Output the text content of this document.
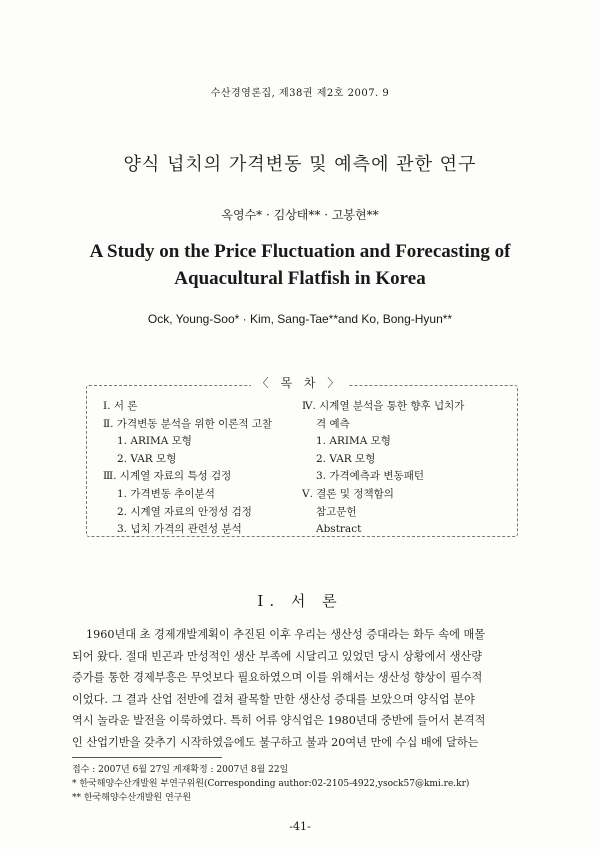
수산경영론집, 제38권 제2호 2007. 9
양식 넙치의 가격변동 및 예측에 관한 연구
옥영수* · 김상태** · 고봉현**
A Study on the Price Fluctuation and Forecasting of
Aquacultural Flatfish in Korea
Ock, Young-Soo* · Kim, Sang-Tae**and Ko, Bong-Hyun**
〈 목 차 〉
Ⅰ. 서 론
Ⅱ. 가격변동 분석을 위한 이론적 고찰
1. ARIMA 모형
2. VAR 모형
Ⅲ. 시계열 자료의 특성 검정
1. 가격변동 추이분석
2. 시계열 자료의 안정성 검정
3. 넙치 가격의 관련성 분석
Ⅳ. 시계열 분석을 통한 향후 넙치가
격 예측
1. ARIMA 모형
2. VAR 모형
3. 가격예측과 변동패턴
Ⅴ. 결론 및 정책함의
참고문헌
Abstract
Ⅰ. 서 론
1960년대 초 경제개발계획이 추진된 이후 우리는 생산성 증대라는 화두 속에 매몰
되어 왔다. 절대 빈곤과 만성적인 생산 부족에 시달리고 있었던 당시 상황에서 생산량
증가를 통한 경제부흥은 무엇보다 필요하였으며 이를 위해서는 생산성 향상이 필수적
이었다. 그 결과 산업 전반에 걸쳐 괄목할 만한 생산성 증대를 보았으며 양식업 분야
역시 놀라운 발전을 이룩하였다. 특히 어류 양식업은 1980년대 중반에 들어서 본격적
인 산업기반을 갖추기 시작하였음에도 불구하고 불과 20여년 만에 수십 배에 달하는
접수 : 2007년 6월 27일 게재확정 : 2007년 8월 22일
* 한국해양수산개발원 부연구위원(Corresponding author:02-2105-4922,ysock57@kmi.re.kr)
** 한국해양수산개발원 연구원
-41-
